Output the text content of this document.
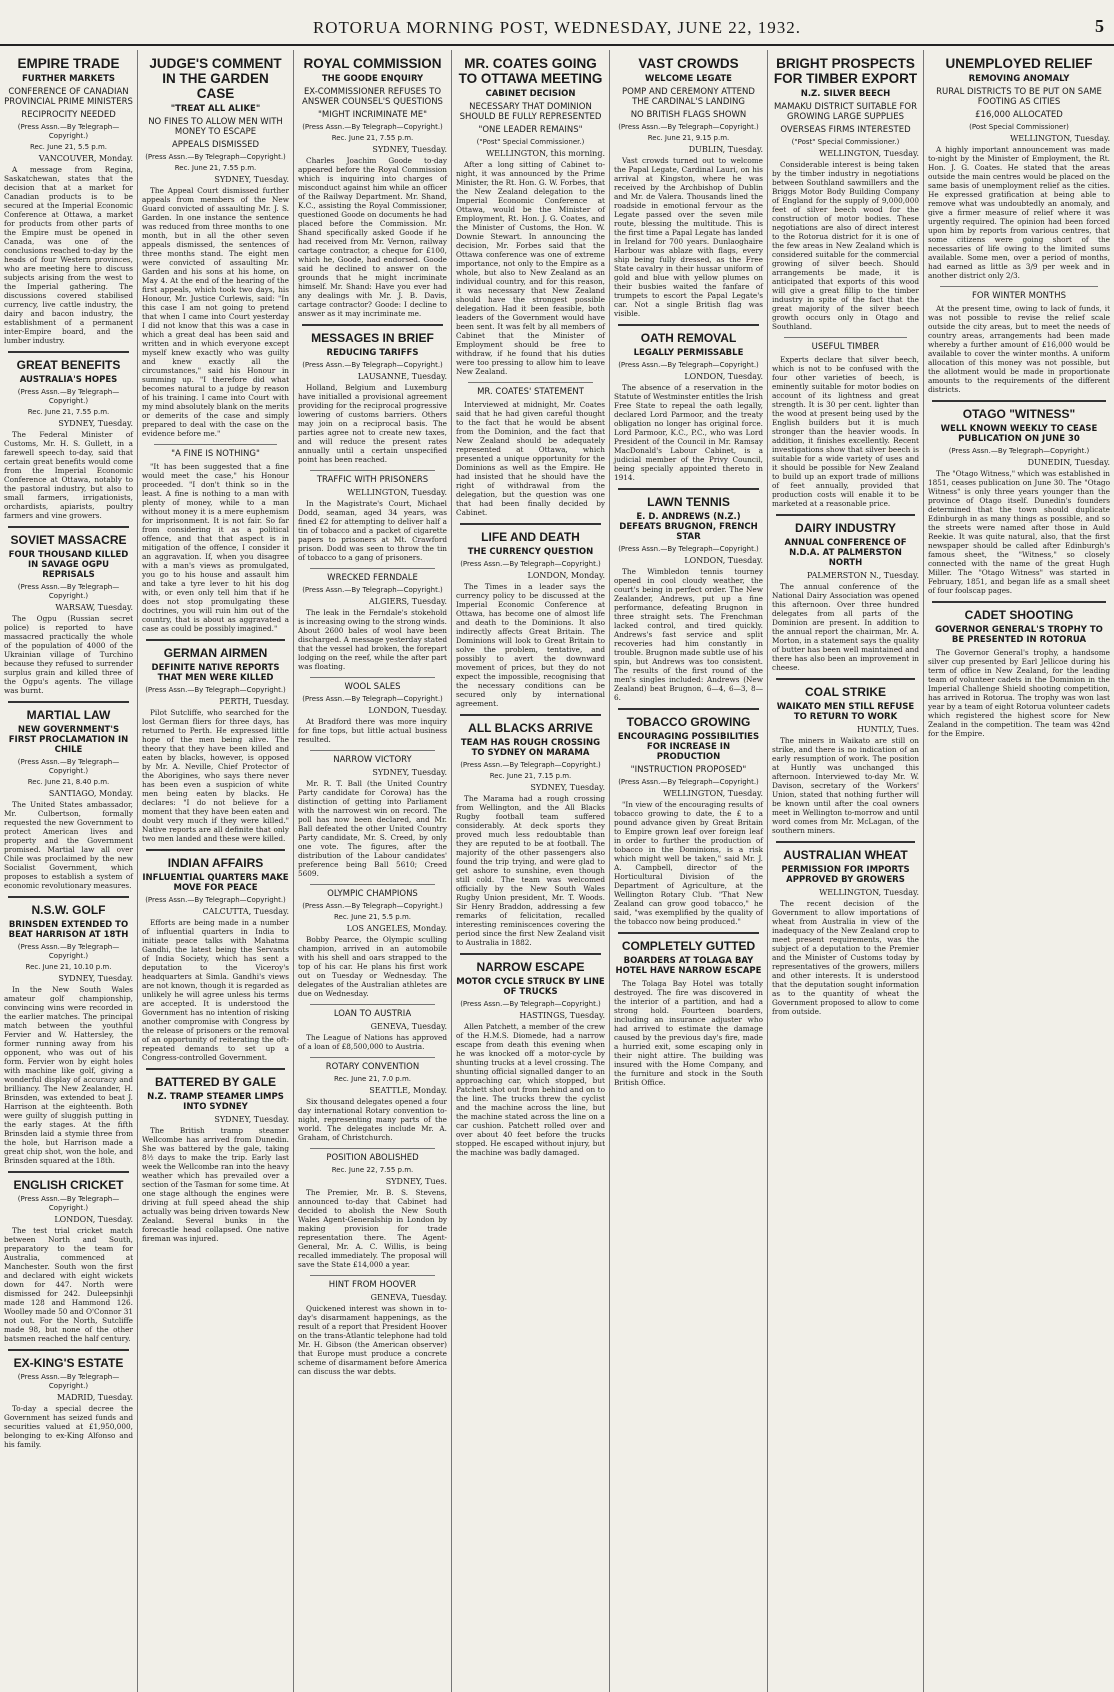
ROTORUA MORNING POST, WEDNESDAY, JUNE 22, 1932.	5
EMPIRE TRADE
FURTHER MARKETS
CONFERENCE OF CANADIAN PROVINCIAL PRIME MINISTERS
RECIPROCITY NEEDED
(Press Assn.—By Telegraph—Copyright.)
Rec. June 21, 5.5 p.m.
VANCOUVER, Monday.

A message from Regina, Saskatchewan, states that the decision that at a market for Canadian products is to be secured at the Imperial Economic Conference at Ottawa, a market for products from other parts of the Empire must be opened in Canada, was one of the conclusions reached to-day by the heads of four Western provinces, who are meeting here to discuss subjects arising from the west to the Imperial gathering. The discussions covered stabilised currency, live cattle industry, the dairy and bacon industry, the establishment of a permanent inter-Empire board, and the lumber industry.

GREAT BENEFITS
AUSTRALIA'S HOPES
(Press Assn.—By Telegraph—Copyright.)
Rec. June 21, 7.55 p.m.
SYDNEY, Tuesday.

The Federal Minister of Customs, Mr. H. S. Gullett, in a farewell speech to-day, said that certain great benefits would come from the Imperial Economic Conference at Ottawa, notably to the pastoral industry, but also to small farmers, irrigationists, orchardists, apiarists, poultry farmers and vine growers.

SOVIET MASSACRE
FOUR THOUSAND KILLED IN SAVAGE OGPU REPRISALS
(Press Assn.—By Telegraph—Copyright.)
WARSAW, Tuesday.

The Ogpu (Russian secret police) is reported to have massacred practically the whole of the population of 4000 of the Ukrainian village of Turchino because they refused to surrender surplus grain and killed three of the Ogpu's agents. The village was burnt.

MARTIAL LAW
NEW GOVERNMENT'S FIRST PROCLAMATION IN CHILE
(Press Assn.—By Telegraph—Copyright.)
Rec. June 21, 8.40 p.m.
SANTIAGO, Monday.

The United States ambassador, Mr. Culbertson, formally requested the new Government to protect American lives and property and the Government promised. Martial law all over Chile was proclaimed by the new Socialist Government, which proposes to establish a system of economic revolutionary measures.

N.S.W. GOLF
BRINSDEN EXTENDED TO BEAT HARRISON AT 18TH
(Press Assn.—By Telegraph—Copyright.)
Rec. June 21, 10.10 p.m.
SYDNEY, Tuesday.

In the New South Wales amateur golf championship, convincing wins were recorded in the earlier matches. The principal match between the youthful Fervier and W. Hattersley, the former running away from his opponent, who was out of his form. Fervier won by eight holes with machine like golf, giving a wonderful display of accuracy and brilliancy. The New Zealander, H. Brinsden, was extended to beat J. Harrison at the eighteenth. Both were guilty of sluggish putting in the early stages. At the fifth Brinsden laid a stymie three from the hole, but Harrison made a great chip shot, won the hole, and Brinsden squared at the 18th.

ENGLISH CRICKET
(Press Assn.—By Telegraph—Copyright.)
LONDON, Tuesday.

The test trial cricket match between North and South, preparatory to the team for Australia, commenced at Manchester. South won the first and declared with eight wickets down for 447. North were dismissed for 242. Duleepsinhji made 128 and Hammond 126. Woolley made 50 and O'Connor 31 not out. For the North, Sutcliffe made 98, but none of the other batsmen reached the half century.

EX-KING'S ESTATE
(Press Assn.—By Telegraph—Copyright.)
MADRID, Tuesday.

To-day a special decree the Government has seized funds and securities valued at £1,950,000, belonging to ex-King Alfonso and his family.

JUDGE'S COMMENT IN THE GARDEN CASE
"TREAT ALL ALIKE"
NO FINES TO ALLOW MEN WITH MONEY TO ESCAPE
APPEALS DISMISSED
(Press Assn.—By Telegraph—Copyright.)
Rec. June 21, 7.55 p.m.
SYDNEY, Tuesday.

The Appeal Court dismissed further appeals from members of the New Guard convicted of assaulting Mr. J. S. Garden. In one instance the sentence was reduced from three months to one month, but in all the other seven appeals dismissed, the sentences of three months stand. The eight men were convicted of assaulting Mr. Garden and his sons at his home, on May 4. At the end of the hearing of the first appeals, which took two days, his Honour, Mr. Justice Curlewis, said: "In this case I am not going to pretend that when I came into Court yesterday I did not know that this was a case in which a great deal has been said and written and in which everyone except myself knew exactly who was guilty and knew exactly all the circumstances," said his Honour in summing up. "I therefore did what becomes natural to a judge by reason of his training. I came into Court with my mind absolutely blank on the merits or demerits of the case and simply prepared to deal with the case on the evidence before me."

"A FINE IS NOTHING"

"It has been suggested that a fine would meet the case," his Honour proceeded. "I don't think so in the least. A fine is nothing to a man with plenty of money, while to a man without money it is a mere euphemism for imprisonment. It is not fair. So far from considering it as a political offence, and that that aspect is in mitigation of the offence, I consider it an aggravation. If, when you disagree with a man's views as promulgated, you go to his house and assault him and take a tyre lever to hit his dog with, or even only tell him that if he does not stop promulgating these doctrines, you will ruin him out of the country, that is about as aggravated a case as could be possibly imagined."

GERMAN AIRMEN
DEFINITE NATIVE REPORTS THAT MEN WERE KILLED
(Press Assn.—By Telegraph—Copyright.)
PERTH, Tuesday.

Pilot Sutcliffe, who searched for the lost German fliers for three days, has returned to Perth. He expressed little hope of the men being alive. The theory that they have been killed and eaten by blacks, however, is opposed by Mr. A. Neville, Chief Protector of the Aborigines, who says there never has been even a suspicion of white men being eaten by blacks. He declares: "I do not believe for a moment that they have been eaten and doubt very much if they were killed." Native reports are all definite that only two men landed and these were killed.

INDIAN AFFAIRS
INFLUENTIAL QUARTERS MAKE MOVE FOR PEACE
(Press Assn.—By Telegraph—Copyright.)
CALCUTTA, Tuesday.

Efforts are being made in a number of influential quarters in India to initiate peace talks with Mahatma Gandhi, the latest being the Servants of India Society, which has sent a deputation to the Viceroy's headquarters at Simla. Gandhi's views are not known, though it is regarded as unlikely he will agree unless his terms are accepted. It is understood the Government has no intention of risking another compromise with Congress by the release of prisoners or the removal of an opportunity of reiterating the oft-repeated demands to set up a Congress-controlled Government.

BATTERED BY GALE
N.Z. TRAMP STEAMER LIMPS INTO SYDNEY
SYDNEY, Tuesday.

The British tramp steamer Wellcombe has arrived from Dunedin. She was battered by the gale, taking 8½ days to make the trip. Early last week the Wellcombe ran into the heavy weather which has prevailed over a section of the Tasman for some time. At one stage although the engines were driving at full speed ahead the ship actually was being driven towards New Zealand. Several bunks in the forecastle head collapsed. One native fireman was injured.

ROYAL COMMISSION
THE GOODE ENQUIRY
EX-COMMISSIONER REFUSES TO ANSWER COUNSEL'S QUESTIONS
"MIGHT INCRIMINATE ME"
(Press Assn.—By Telegraph—Copyright.)
Rec. June 21, 7.55 p.m.
SYDNEY, Tuesday.

Charles Joachim Goode to-day appeared before the Royal Commission which is inquiring into charges of misconduct against him while an officer of the Railway Department. Mr. Shand, K.C., assisting the Royal Commissioner, questioned Goode on documents he had placed before the Commission. Mr. Shand specifically asked Goode if he had received from Mr. Vernon, railway cartage contractor, a cheque for £100, which he, Goode, had endorsed. Goode said he declined to answer on the grounds that he might incriminate himself. Mr. Shand: Have you ever had any dealings with Mr. J. B. Davis, cartage contractor? Goode: I decline to answer as it may incriminate me.

MESSAGES IN BRIEF
REDUCING TARIFFS
(Press Assn.—By Telegraph—Copyright.)
LAUSANNE, Tuesday.

Holland, Belgium and Luxemburg have initialled a provisional agreement providing for the reciprocal progressive lowering of customs barriers. Others may join on a reciprocal basis. The parties agree not to create new taxes, and will reduce the present rates annually until a certain unspecified point has been reached.

TRAFFIC WITH PRISONERS
WELLINGTON, Tuesday.

In the Magistrate's Court, Michael Dodd, seaman, aged 34 years, was fined £2 for attempting to deliver half a tin of tobacco and a packet of cigarette papers to prisoners at Mt. Crawford prison. Dodd was seen to throw the tin of tobacco to a gang of prisoners.

WRECKED FERNDALE
(Press Assn.—By Telegraph—Copyright.)
ALGIERS, Tuesday.

The leak in the Ferndale's stokehold is increasing owing to the strong winds. About 2600 bales of wool have been discharged. A message yesterday stated that the vessel had broken, the forepart lodging on the reef, while the after part was floating.

WOOL SALES
(Press Assn.—By Telegraph—Copyright.)
LONDON, Tuesday.

At Bradford there was more inquiry for fine tops, but little actual business resulted.

NARROW VICTORY
SYDNEY, Tuesday.

Mr. R. T. Ball (the United Country Party candidate for Corowa) has the distinction of getting into Parliament with the narrowest win on record. The poll has now been declared, and Mr. Ball defeated the other United Country Party candidate, Mr. S. Creed, by only one vote. The figures, after the distribution of the Labour candidates' preference being Ball 5610; Creed 5609.

OLYMPIC CHAMPIONS
(Press Assn.—By Telegraph—Copyright.)
Rec. June 21, 5.5 p.m.
LOS ANGELES, Monday.

Bobby Pearce, the Olympic sculling champion, arrived in an automobile with his shell and oars strapped to the top of his car. He plans his first work out on Tuesday or Wednesday. The delegates of the Australian athletes are due on Wednesday.

LOAN TO AUSTRIA
GENEVA, Tuesday.

The League of Nations has approved of a loan of £8,500,000 to Austria.

ROTARY CONVENTION
Rec. June 21, 7.0 p.m.
SEATTLE, Monday.

Six thousand delegates opened a four day international Rotary convention to-night, representing many parts of the world. The delegates include Mr. A. Graham, of Christchurch.

POSITION ABOLISHED
Rec. June 22, 7.55 p.m.
SYDNEY, Tues.

The Premier, Mr. B. S. Stevens, announced to-day that Cabinet had decided to abolish the New South Wales Agent-Generalship in London by making provision for trade representation there. The Agent-General, Mr. A. C. Willis, is being recalled immediately. The proposal will save the State £14,000 a year.

HINT FROM HOOVER
GENEVA, Tuesday.

Quickened interest was shown in to-day's disarmament happenings, as the result of a report that President Hoover on the trans-Atlantic telephone had told Mr. H. Gibson (the American observer) that Europe must produce a concrete scheme of disarmament before America can discuss the war debts.

MR. COATES GOING TO OTTAWA MEETING
CABINET DECISION
NECESSARY THAT DOMINION SHOULD BE FULLY REPRESENTED
"ONE LEADER REMAINS"
("Post" Special Commissioner.)
WELLINGTON, this morning.

After a long sitting of Cabinet to-night, it was announced by the Prime Minister, the Rt. Hon. G. W. Forbes, that the New Zealand delegation to the Imperial Economic Conference at Ottawa, would be the Minister of Employment, Rt. Hon. J. G. Coates, and the Minister of Customs, the Hon. W. Downie Stewart. In announcing the decision, Mr. Forbes said that the Ottawa conference was one of extreme importance, not only to the Empire as a whole, but also to New Zealand as an individual country, and for this reason, it was necessary that New Zealand should have the strongest possible delegation. Had it been feasible, both leaders of the Government would have been sent. It was felt by all members of Cabinet that the Minister of Employment should be free to withdraw, if he found that his duties were too pressing to allow him to leave New Zealand.

MR. COATES' STATEMENT

Interviewed at midnight, Mr. Coates said that he had given careful thought to the fact that he would be absent from the Dominion, and the fact that New Zealand should be adequately represented at Ottawa, which presented a unique opportunity for the Dominions as well as the Empire. He had insisted that he should have the right of withdrawal from the delegation, but the question was one that had been finally decided by Cabinet.

LIFE AND DEATH
THE CURRENCY QUESTION
(Press Assn.—By Telegraph—Copyright.)
LONDON, Monday.

The Times in a leader says the currency policy to be discussed at the Imperial Economic Conference at Ottawa, has become one of almost life and death to the Dominions. It also indirectly affects Great Britain. The Dominions will look to Great Britain to solve the problem, tentative, and possibly to avert the downward movement of prices, but they do not expect the impossible, recognising that the necessary conditions can be secured only by international agreement.

ALL BLACKS ARRIVE
TEAM HAS ROUGH CROSSING TO SYDNEY ON MARAMA
(Press Assn.—By Telegraph—Copyright.)
Rec. June 21, 7.15 p.m.
SYDNEY, Tuesday.

The Marama had a rough crossing from Wellington, and the All Blacks Rugby football team suffered considerably. At deck sports they proved much less redoubtable than they are reputed to be at football. The majority of the other passengers also found the trip trying, and were glad to get ashore to sunshine, even though still cold. The team was welcomed officially by the New South Wales Rugby Union president, Mr. T. Woods. Sir Henry Braddon, addressing a few remarks of felicitation, recalled interesting reminiscences covering the period since the first New Zealand visit to Australia in 1882.

NARROW ESCAPE
MOTOR CYCLE STRUCK BY LINE OF TRUCKS
(Press Assn.—By Telegraph—Copyright.)
HASTINGS, Tuesday.

Allen Patchett, a member of the crew of the H.M.S. Diomede, had a narrow escape from death this evening when he was knocked off a motor-cycle by shunting trucks at a level crossing. The shunting official signalled danger to an approaching car, which stopped, but Patchett shot out from behind and on to the line. The trucks threw the cyclist and the machine across the line, but the machine stated across the line on a car cushion. Patchett rolled over and over about 40 feet before the trucks stopped. He escaped without injury, but the machine was badly damaged.

VAST CROWDS
WELCOME LEGATE
POMP AND CEREMONY ATTEND THE CARDINAL'S LANDING
NO BRITISH FLAGS SHOWN
(Press Assn.—By Telegraph—Copyright.)
Rec. June 21, 9.15 p.m.
DUBLIN, Tuesday.

Vast crowds turned out to welcome the Papal Legate, Cardinal Lauri, on his arrival at Kingston, where he was received by the Archbishop of Dublin and Mr. de Valera. Thousands lined the roadside in emotional fervour as the Legate passed over the seven mile route, blessing the multitude. This is the first time a Papal Legate has landed in Ireland for 700 years. Dunlaoghaire Harbour was ablaze with flags, every ship being fully dressed, as the Free State cavalry in their hussar uniform of gold and blue with yellow plumes on their busbies waited the fanfare of trumpets to escort the Papal Legate's car. Not a single British flag was visible.

OATH REMOVAL
LEGALLY PERMISSABLE
(Press Assn.—By Telegraph—Copyright.)
LONDON, Tuesday.

The absence of a reservation in the Statute of Westminster entitles the Irish Free State to repeal the oath legally, declared Lord Parmoor, and the treaty obligation no longer has original force. Lord Parmoor, K.C., P.C., who was Lord President of the Council in Mr. Ramsay MacDonald's Labour Cabinet, is a judicial member of the Privy Council, being specially appointed thereto in 1914.

LAWN TENNIS
E. D. ANDREWS (N.Z.) DEFEATS BRUGNON, FRENCH STAR
(Press Assn.—By Telegraph—Copyright.)
LONDON, Tuesday.

The Wimbledon tennis tourney opened in cool cloudy weather, the court's being in perfect order. The New Zealander, Andrews, put up a fine performance, defeating Brugnon in three straight sets. The Frenchman lacked control, and tired quickly. Andrews's fast service and split recoveries had him constantly in trouble. Brugnon made subtle use of his spin, but Andrews was too consistent. The results of the first round of the men's singles included: Andrews (New Zealand) beat Brugnon, 6—4, 6—3, 8—6.

TOBACCO GROWING
ENCOURAGING POSSIBILITIES FOR INCREASE IN PRODUCTION
"INSTRUCTION PROPOSED"
(Press Assn.—By Telegraph—Copyright.)
WELLINGTON, Tuesday.

"In view of the encouraging results of tobacco growing to date, the £ to a pound advance given by Great Britain to Empire grown leaf over foreign leaf in order to further the production of tobacco in the Dominions, is a risk which might well be taken," said Mr. J. A. Campbell, director of the Horticultural Division of the Department of Agriculture, at the Wellington Rotary Club. "That New Zealand can grow good tobacco," he said, "was exemplified by the quality of the tobacco now being produced."

COMPLETELY GUTTED
BOARDERS AT TOLAGA BAY HOTEL HAVE NARROW ESCAPE

The Tolaga Bay Hotel was totally destroyed. The fire was discovered in the interior of a partition, and had a strong hold. Fourteen boarders, including an insurance adjuster who had arrived to estimate the damage caused by the previous day's fire, made a hurried exit, some escaping only in their night attire. The building was insured with the Home Company, and the furniture and stock in the South British Office.

BRIGHT PROSPECTS FOR TIMBER EXPORT
N.Z. SILVER BEECH
MAMAKU DISTRICT SUITABLE FOR GROWING LARGE SUPPLIES
OVERSEAS FIRMS INTERESTED
("Post" Special Commissioner.)
WELLINGTON, Tuesday.

Considerable interest is being taken by the timber industry in negotiations between Southland sawmillers and the Briggs Motor Body Building Company of England for the supply of 9,000,000 feet of silver beech wood for the construction of motor bodies. These negotiations are also of direct interest to the Rotorua district for it is one of the few areas in New Zealand which is considered suitable for the commercial growing of silver beech. Should arrangements be made, it is anticipated that exports of this wood will give a great fillip to the timber industry in spite of the fact that the great majority of the silver beech growth occurs only in Otago and Southland.

USEFUL TIMBER

Experts declare that silver beech, which is not to be confused with the four other varieties of beech, is eminently suitable for motor bodies on account of its lightness and great strength. It is 30 per cent. lighter than the wood at present being used by the English builders but it is much stronger than the heavier woods. In addition, it finishes excellently. Recent investigations show that silver beech is suitable for a wide variety of uses and it should be possible for New Zealand to build up an export trade of millions of feet annually, provided that production costs will enable it to be marketed at a reasonable price.

DAIRY INDUSTRY
ANNUAL CONFERENCE OF N.D.A. AT PALMERSTON NORTH
PALMERSTON N., Tuesday.

The annual conference of the National Dairy Association was opened this afternoon. Over three hundred delegates from all parts of the Dominion are present. In addition to the annual report the chairman, Mr. A. Morton, in a statement says the quality of butter has been well maintained and there has also been an improvement in cheese.

COAL STRIKE
WAIKATO MEN STILL REFUSE TO RETURN TO WORK
HUNTLY, Tues.

The miners in Waikato are still on strike, and there is no indication of an early resumption of work. The position at Huntly was unchanged this afternoon. Interviewed to-day Mr. W. Davison, secretary of the Workers' Union, stated that nothing further will be known until after the coal owners meet in Wellington to-morrow and until word comes from Mr. McLagan, of the southern miners.

AUSTRALIAN WHEAT
PERMISSION FOR IMPORTS APPROVED BY GROWERS
WELLINGTON, Tuesday.

The recent decision of the Government to allow importations of wheat from Australia in view of the inadequacy of the New Zealand crop to meet present requirements, was the subject of a deputation to the Premier and the Minister of Customs today by representatives of the growers, millers and other interests. It is understood that the deputation sought information as to the quantity of wheat the Government proposed to allow to come from outside.

UNEMPLOYED RELIEF
REMOVING ANOMALY
RURAL DISTRICTS TO BE PUT ON SAME FOOTING AS CITIES
£16,000 ALLOCATED
(Post Special Commissioner)
WELLINGTON, Tuesday.

A highly important announcement was made to-night by the Minister of Employment, the Rt. Hon. J. G. Coates. He stated that the areas outside the main centres would be placed on the same basis of unemployment relief as the cities. He expressed gratification at being able to remove what was undoubtedly an anomaly, and give a firmer measure of relief where it was urgently required. The opinion had been forced upon him by reports from various centres, that some citizens were going short of the necessaries of life owing to the limited sums available. Some men, over a period of months, had earned as little as 3/9 per week and in another district only 2/3.

FOR WINTER MONTHS

At the present time, owing to lack of funds, it was not possible to revise the relief scale outside the city areas, but to meet the needs of country areas, arrangements had been made whereby a further amount of £16,000 would be available to cover the winter months. A uniform allocation of this money was not possible, but the allotment would be made in proportionate amounts to the requirements of the different districts.

OTAGO "WITNESS"
WELL KNOWN WEEKLY TO CEASE PUBLICATION ON JUNE 30
(Press Assn.—By Telegraph—Copyright.)
DUNEDIN, Tuesday.

The "Otago Witness," which was established in 1851, ceases publication on June 30. The "Otago Witness" is only three years younger than the province of Otago itself. Dunedin's founders determined that the town should duplicate Edinburgh in as many things as possible, and so the streets were named after those in Auld Reekie. It was quite natural, also, that the first newspaper should be called after Edinburgh's famous sheet, the "Witness," so closely connected with the name of the great Hugh Miller. The "Otago Witness" was started in February, 1851, and began life as a small sheet of four foolscap pages.

CADET SHOOTING
GOVERNOR GENERAL'S TROPHY TO BE PRESENTED IN ROTORUA

The Governor General's trophy, a handsome silver cup presented by Earl Jellicoe during his term of office in New Zealand, for the leading team of volunteer cadets in the Dominion in the Imperial Challenge Shield shooting competition, has arrived in Rotorua. The trophy was won last year by a team of eight Rotorua volunteer cadets which registered the highest score for New Zealand in the competition. The team was 42nd for the Empire.
